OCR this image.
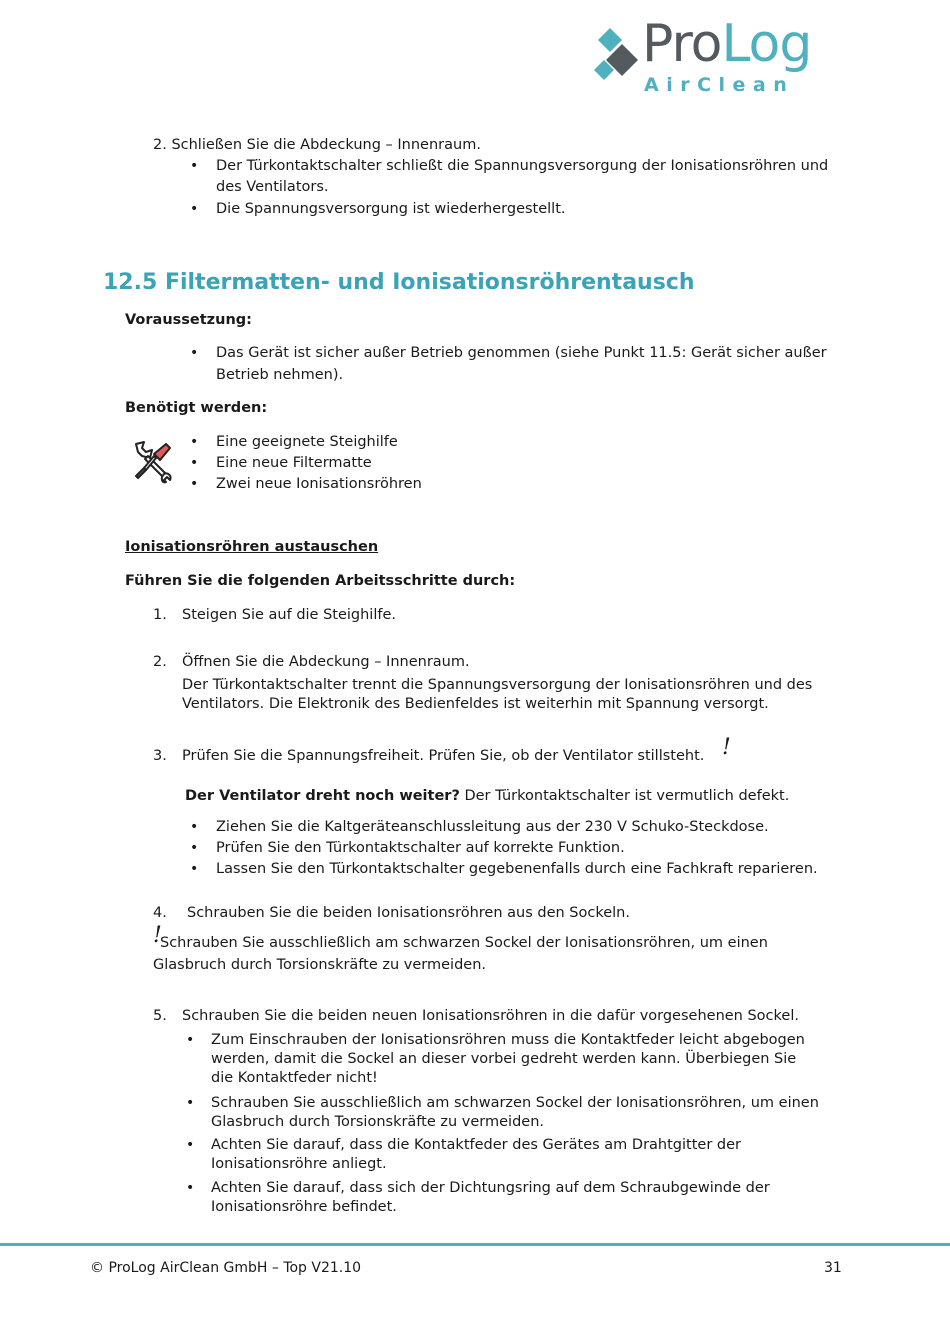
ProLog
AirClean
2. Schließen Sie die Abdeckung – Innenraum.
• Der Türkontaktschalter schließt die Spannungsversorgung der Ionisationsröhren und
des Ventilators.
• Die Spannungsversorgung ist wiederhergestellt.
12.5 Filtermatten- und Ionisationsröhrentausch
Voraussetzung:
• Das Gerät ist sicher außer Betrieb genommen (siehe Punkt 11.5: Gerät sicher außer
Betrieb nehmen).
Benötigt werden:
• Eine geeignete Steighilfe
• Eine neue Filtermatte
• Zwei neue Ionisationsröhren
Ionisationsröhren austauschen
Führen Sie die folgenden Arbeitsschritte durch:
1. Steigen Sie auf die Steighilfe.
2. Öffnen Sie die Abdeckung – Innenraum.
Der Türkontaktschalter trennt die Spannungsversorgung der Ionisationsröhren und des
Ventilators. Die Elektronik des Bedienfeldes ist weiterhin mit Spannung versorgt.
3. Prüfen Sie die Spannungsfreiheit. Prüfen Sie, ob der Ventilator stillsteht. !
Der Ventilator dreht noch weiter? Der Türkontaktschalter ist vermutlich defekt.
• Ziehen Sie die Kaltgeräteanschlussleitung aus der 230 V Schuko-Steckdose.
• Prüfen Sie den Türkontaktschalter auf korrekte Funktion.
• Lassen Sie den Türkontaktschalter gegebenenfalls durch eine Fachkraft reparieren.
4. Schrauben Sie die beiden Ionisationsröhren aus den Sockeln.
!
Schrauben Sie ausschließlich am schwarzen Sockel der Ionisationsröhren, um einen
Glasbruch durch Torsionskräfte zu vermeiden.
5. Schrauben Sie die beiden neuen Ionisationsröhren in die dafür vorgesehenen Sockel.
• Zum Einschrauben der Ionisationsröhren muss die Kontaktfeder leicht abgebogen
werden, damit die Sockel an dieser vorbei gedreht werden kann. Überbiegen Sie
die Kontaktfeder nicht!
• Schrauben Sie ausschließlich am schwarzen Sockel der Ionisationsröhren, um einen
Glasbruch durch Torsionskräfte zu vermeiden.
• Achten Sie darauf, dass die Kontaktfeder des Gerätes am Drahtgitter der
Ionisationsröhre anliegt.
• Achten Sie darauf, dass sich der Dichtungsring auf dem Schraubgewinde der
Ionisationsröhre befindet.
© ProLog AirClean GmbH – Top V21.10	31
